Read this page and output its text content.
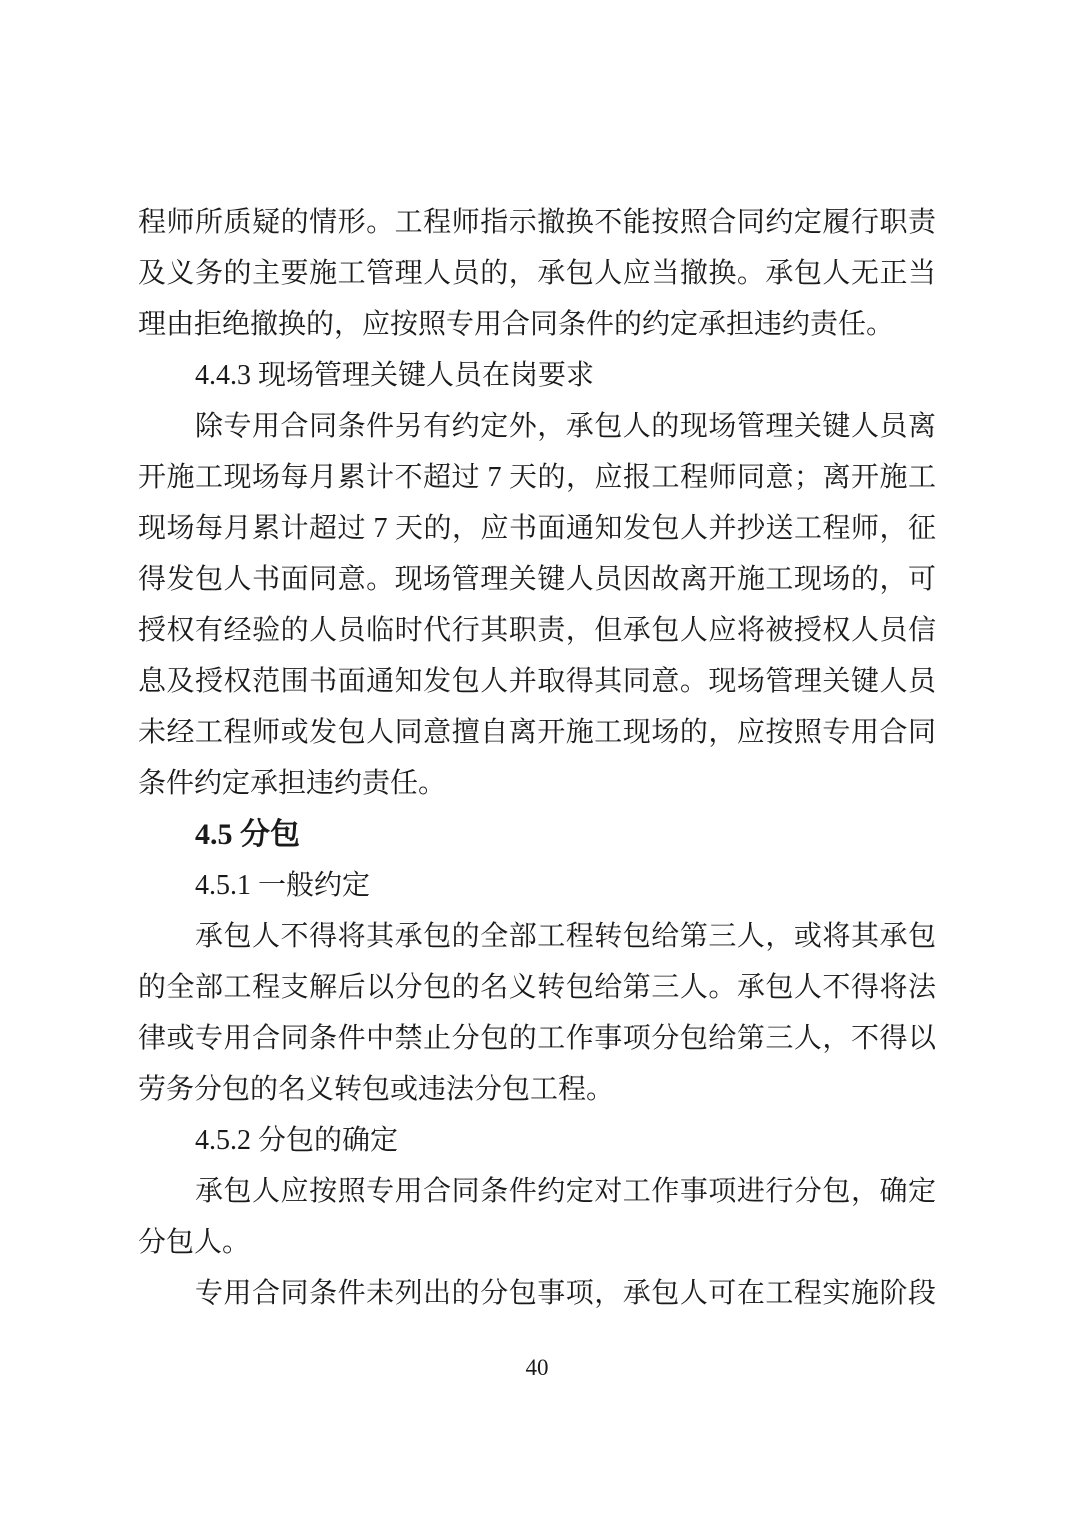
程师所质疑的情形。工程师指示撤换不能按照合同约定履行职责
及义务的主要施工管理人员的，承包人应当撤换。承包人无正当
理由拒绝撤换的，应按照专用合同条件的约定承担违约责任。
4.4.3 现场管理关键人员在岗要求
除专用合同条件另有约定外，承包人的现场管理关键人员离
开施工现场每月累计不超过 7 天的，应报工程师同意；离开施工
现场每月累计超过 7 天的，应书面通知发包人并抄送工程师，征
得发包人书面同意。现场管理关键人员因故离开施工现场的，可
授权有经验的人员临时代行其职责，但承包人应将被授权人员信
息及授权范围书面通知发包人并取得其同意。现场管理关键人员
未经工程师或发包人同意擅自离开施工现场的，应按照专用合同
条件约定承担违约责任。
4.5 分包
4.5.1 一般约定
承包人不得将其承包的全部工程转包给第三人，或将其承包
的全部工程支解后以分包的名义转包给第三人。承包人不得将法
律或专用合同条件中禁止分包的工作事项分包给第三人，不得以
劳务分包的名义转包或违法分包工程。
4.5.2 分包的确定
承包人应按照专用合同条件约定对工作事项进行分包，确定
分包人。
专用合同条件未列出的分包事项，承包人可在工程实施阶段
40
